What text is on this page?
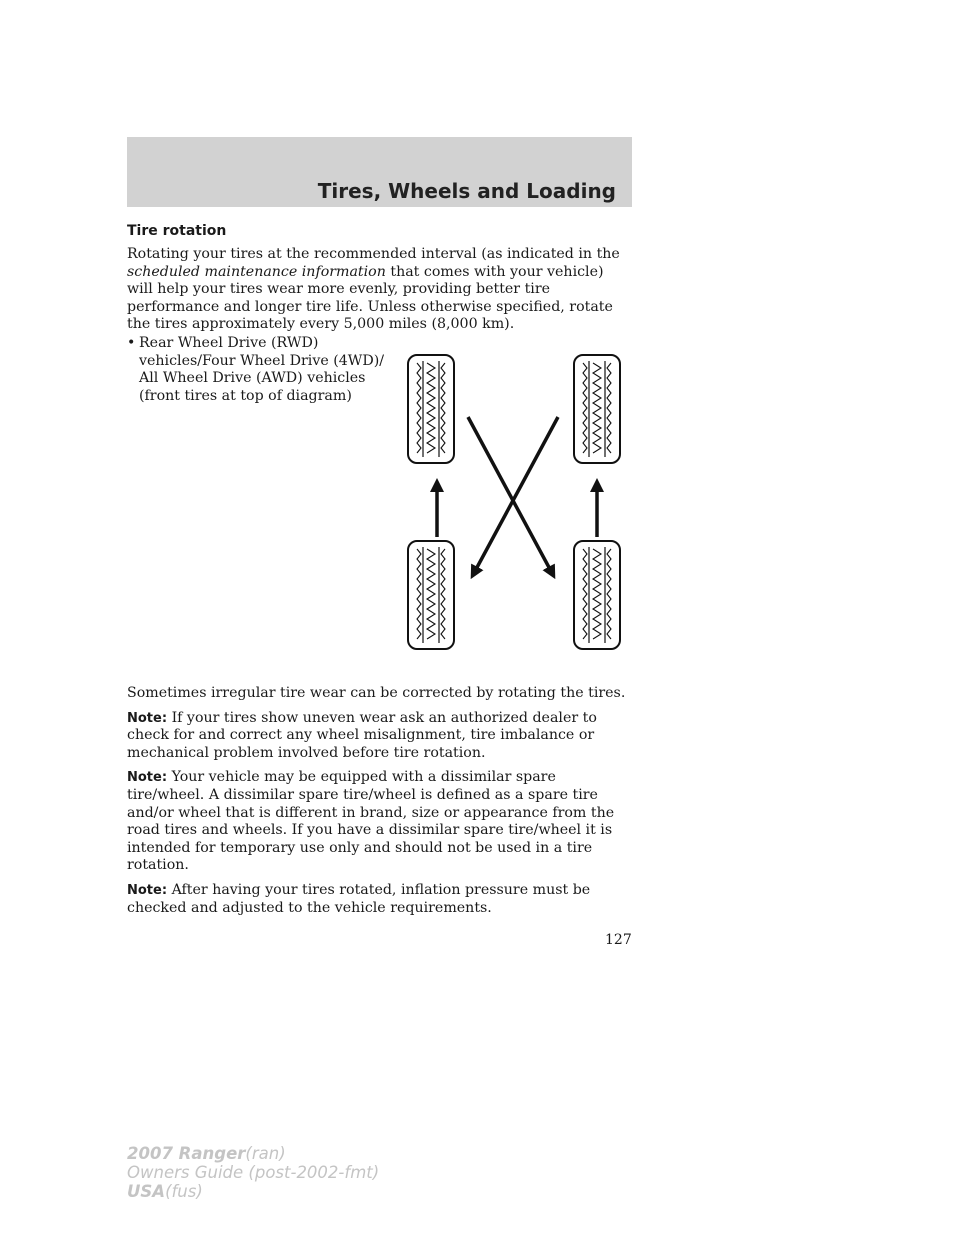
Tires, Wheels and Loading
Tire rotation

Rotating your tires at the recommended interval (as indicated in the scheduled maintenance information that comes with your vehicle) will help your tires wear more evenly, providing better tire performance and longer tire life. Unless otherwise specified, rotate the tires approximately every 5,000 miles (8,000 km).

• Rear Wheel Drive (RWD) vehicles/Four Wheel Drive (4WD)/ All Wheel Drive (AWD) vehicles (front tires at top of diagram)

Sometimes irregular tire wear can be corrected by rotating the tires.

Note: If your tires show uneven wear ask an authorized dealer to check for and correct any wheel misalignment, tire imbalance or mechanical problem involved before tire rotation.

Note: Your vehicle may be equipped with a dissimilar spare tire/wheel. A dissimilar spare tire/wheel is defined as a spare tire and/or wheel that is different in brand, size or appearance from the road tires and wheels. If you have a dissimilar spare tire/wheel it is intended for temporary use only and should not be used in a tire rotation.

Note: After having your tires rotated, inflation pressure must be checked and adjusted to the vehicle requirements.

127

2007 Ranger(ran)
Owners Guide (post-2002-fmt)
USA(fus)
